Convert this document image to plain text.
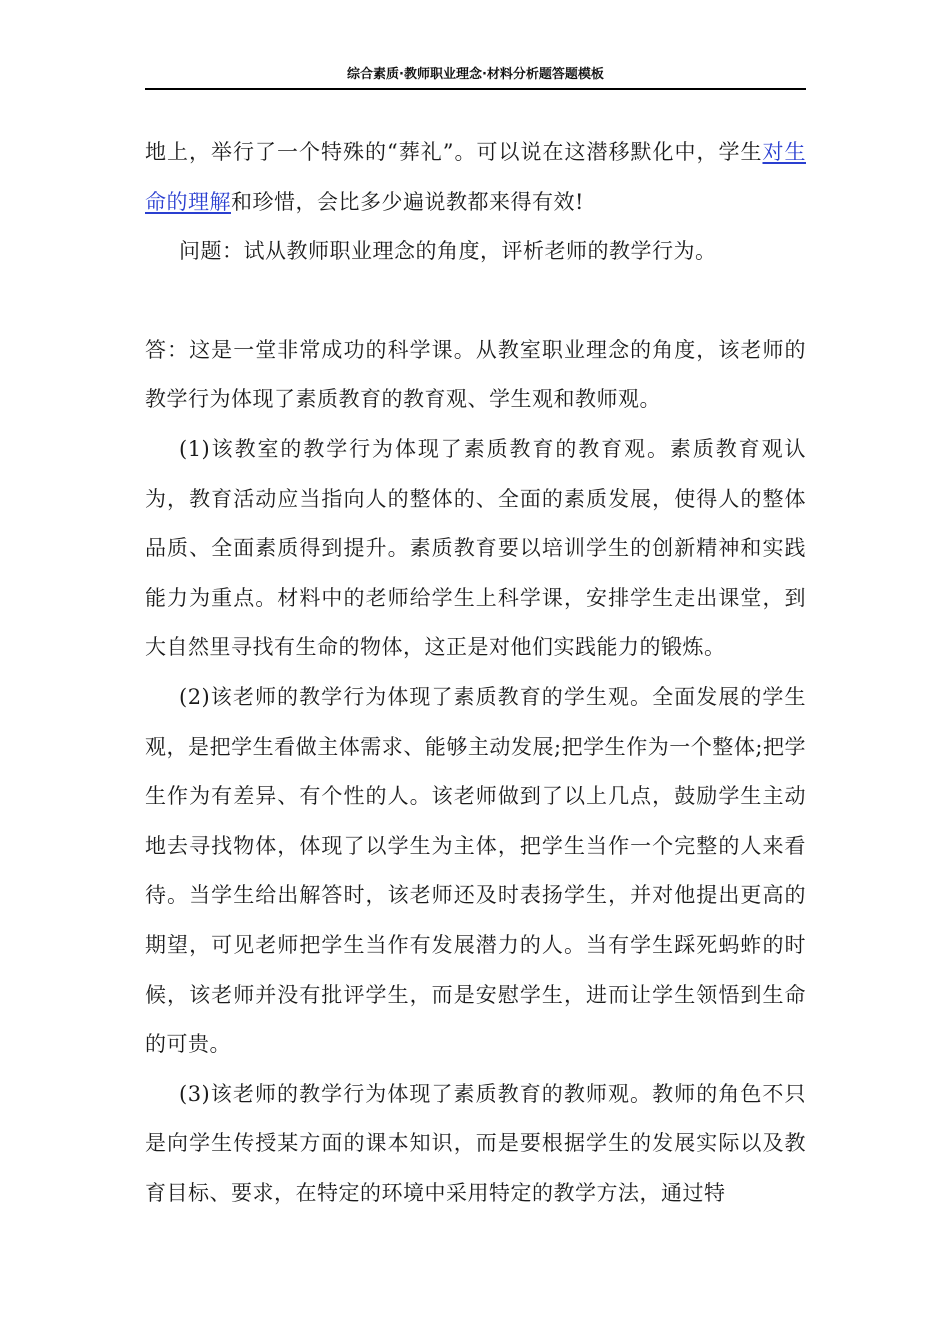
综合素质·教师职业理念·材料分析题答题模板

地上，举行了一个特殊的“葬礼”。可以说在这潜移默化中，学生对生命的理解和珍惜，会比多少遍说教都来得有效!

问题：试从教师职业理念的角度，评析老师的教学行为。

答：这是一堂非常成功的科学课。从教室职业理念的角度，该老师的教学行为体现了素质教育的教育观、学生观和教师观。

(1)该教室的教学行为体现了素质教育的教育观。素质教育观认为，教育活动应当指向人的整体的、全面的素质发展，使得人的整体品质、全面素质得到提升。素质教育要以培训学生的创新精神和实践能力为重点。材料中的老师给学生上科学课，安排学生走出课堂，到大自然里寻找有生命的物体，这正是对他们实践能力的锻炼。

(2)该老师的教学行为体现了素质教育的学生观。全面发展的学生观，是把学生看做主体需求、能够主动发展;把学生作为一个整体;把学生作为有差异、有个性的人。该老师做到了以上几点，鼓励学生主动地去寻找物体，体现了以学生为主体，把学生当作一个完整的人来看待。当学生给出解答时，该老师还及时表扬学生，并对他提出更高的期望，可见老师把学生当作有发展潜力的人。当有学生踩死蚂蚱的时候，该老师并没有批评学生，而是安慰学生，进而让学生领悟到生命的可贵。

(3)该老师的教学行为体现了素质教育的教师观。教师的角色不只是向学生传授某方面的课本知识，而是要根据学生的发展实际以及教育目标、要求，在特定的环境中采用特定的教学方法，通过特
